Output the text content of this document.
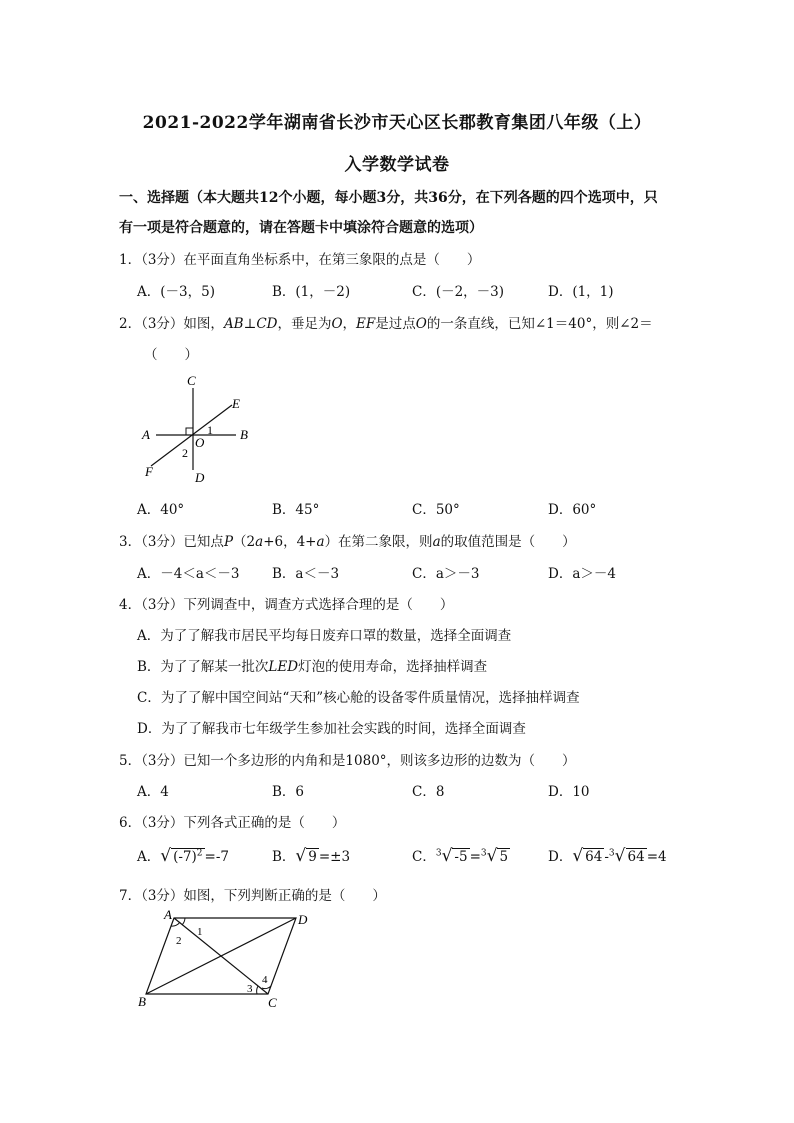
2021-2022学年湖南省长沙市天心区长郡教育集团八年级（上）
入学数学试卷
一、选择题（本大题共12个小题，每小题3分，共36分，在下列各题的四个选项中，只
有一项是符合题意的，请在答题卡中填涂符合题意的选项）
1．（3分）在平面直角坐标系中，在第三象限的点是（　　）
A．(－3，5)	B．(1，－2)	C．(－2，－3)	D．(1，1)
2．（3分）如图，AB⊥CD，垂足为O，EF是过点O的一条直线，已知∠1＝40°，则∠2＝
（　　）
C
E
A	B
O
F	D
1
2
A．40°	B．45°	C．50°	D．60°
3．（3分）已知点P（2a+6，4+a）在第二象限，则a的取值范围是（　　）
A．－4＜a＜－3 B．a＜－3	C．a＞－3	D．a＞－4
4．（3分）下列调查中，调查方式选择合理的是（　　）
A．为了了解我市居民平均每日废弃口罩的数量，选择全面调查
B．为了了解某一批次LED灯泡的使用寿命，选择抽样调查
C．为了了解中国空间站“天和”核心舱的设备零件质量情况，选择抽样调查
D．为了了解我市七年级学生参加社会实践的时间，选择全面调查
5．（3分）已知一个多边形的内角和是1080°，则该多边形的边数为（　　）
A．4	B．6	C．8	D．10
6．（3分）下列各式正确的是（　　）
A．√ $(-7)^2 =-7$	B．√ 9 =±3	C．$^3$√ -5 =$^3$√ 5	D．√ 64 -$^3$√ 64 =4
7．（3分）如图，下列判断正确的是（　　）
A	D
B	C
1
2
3
4
